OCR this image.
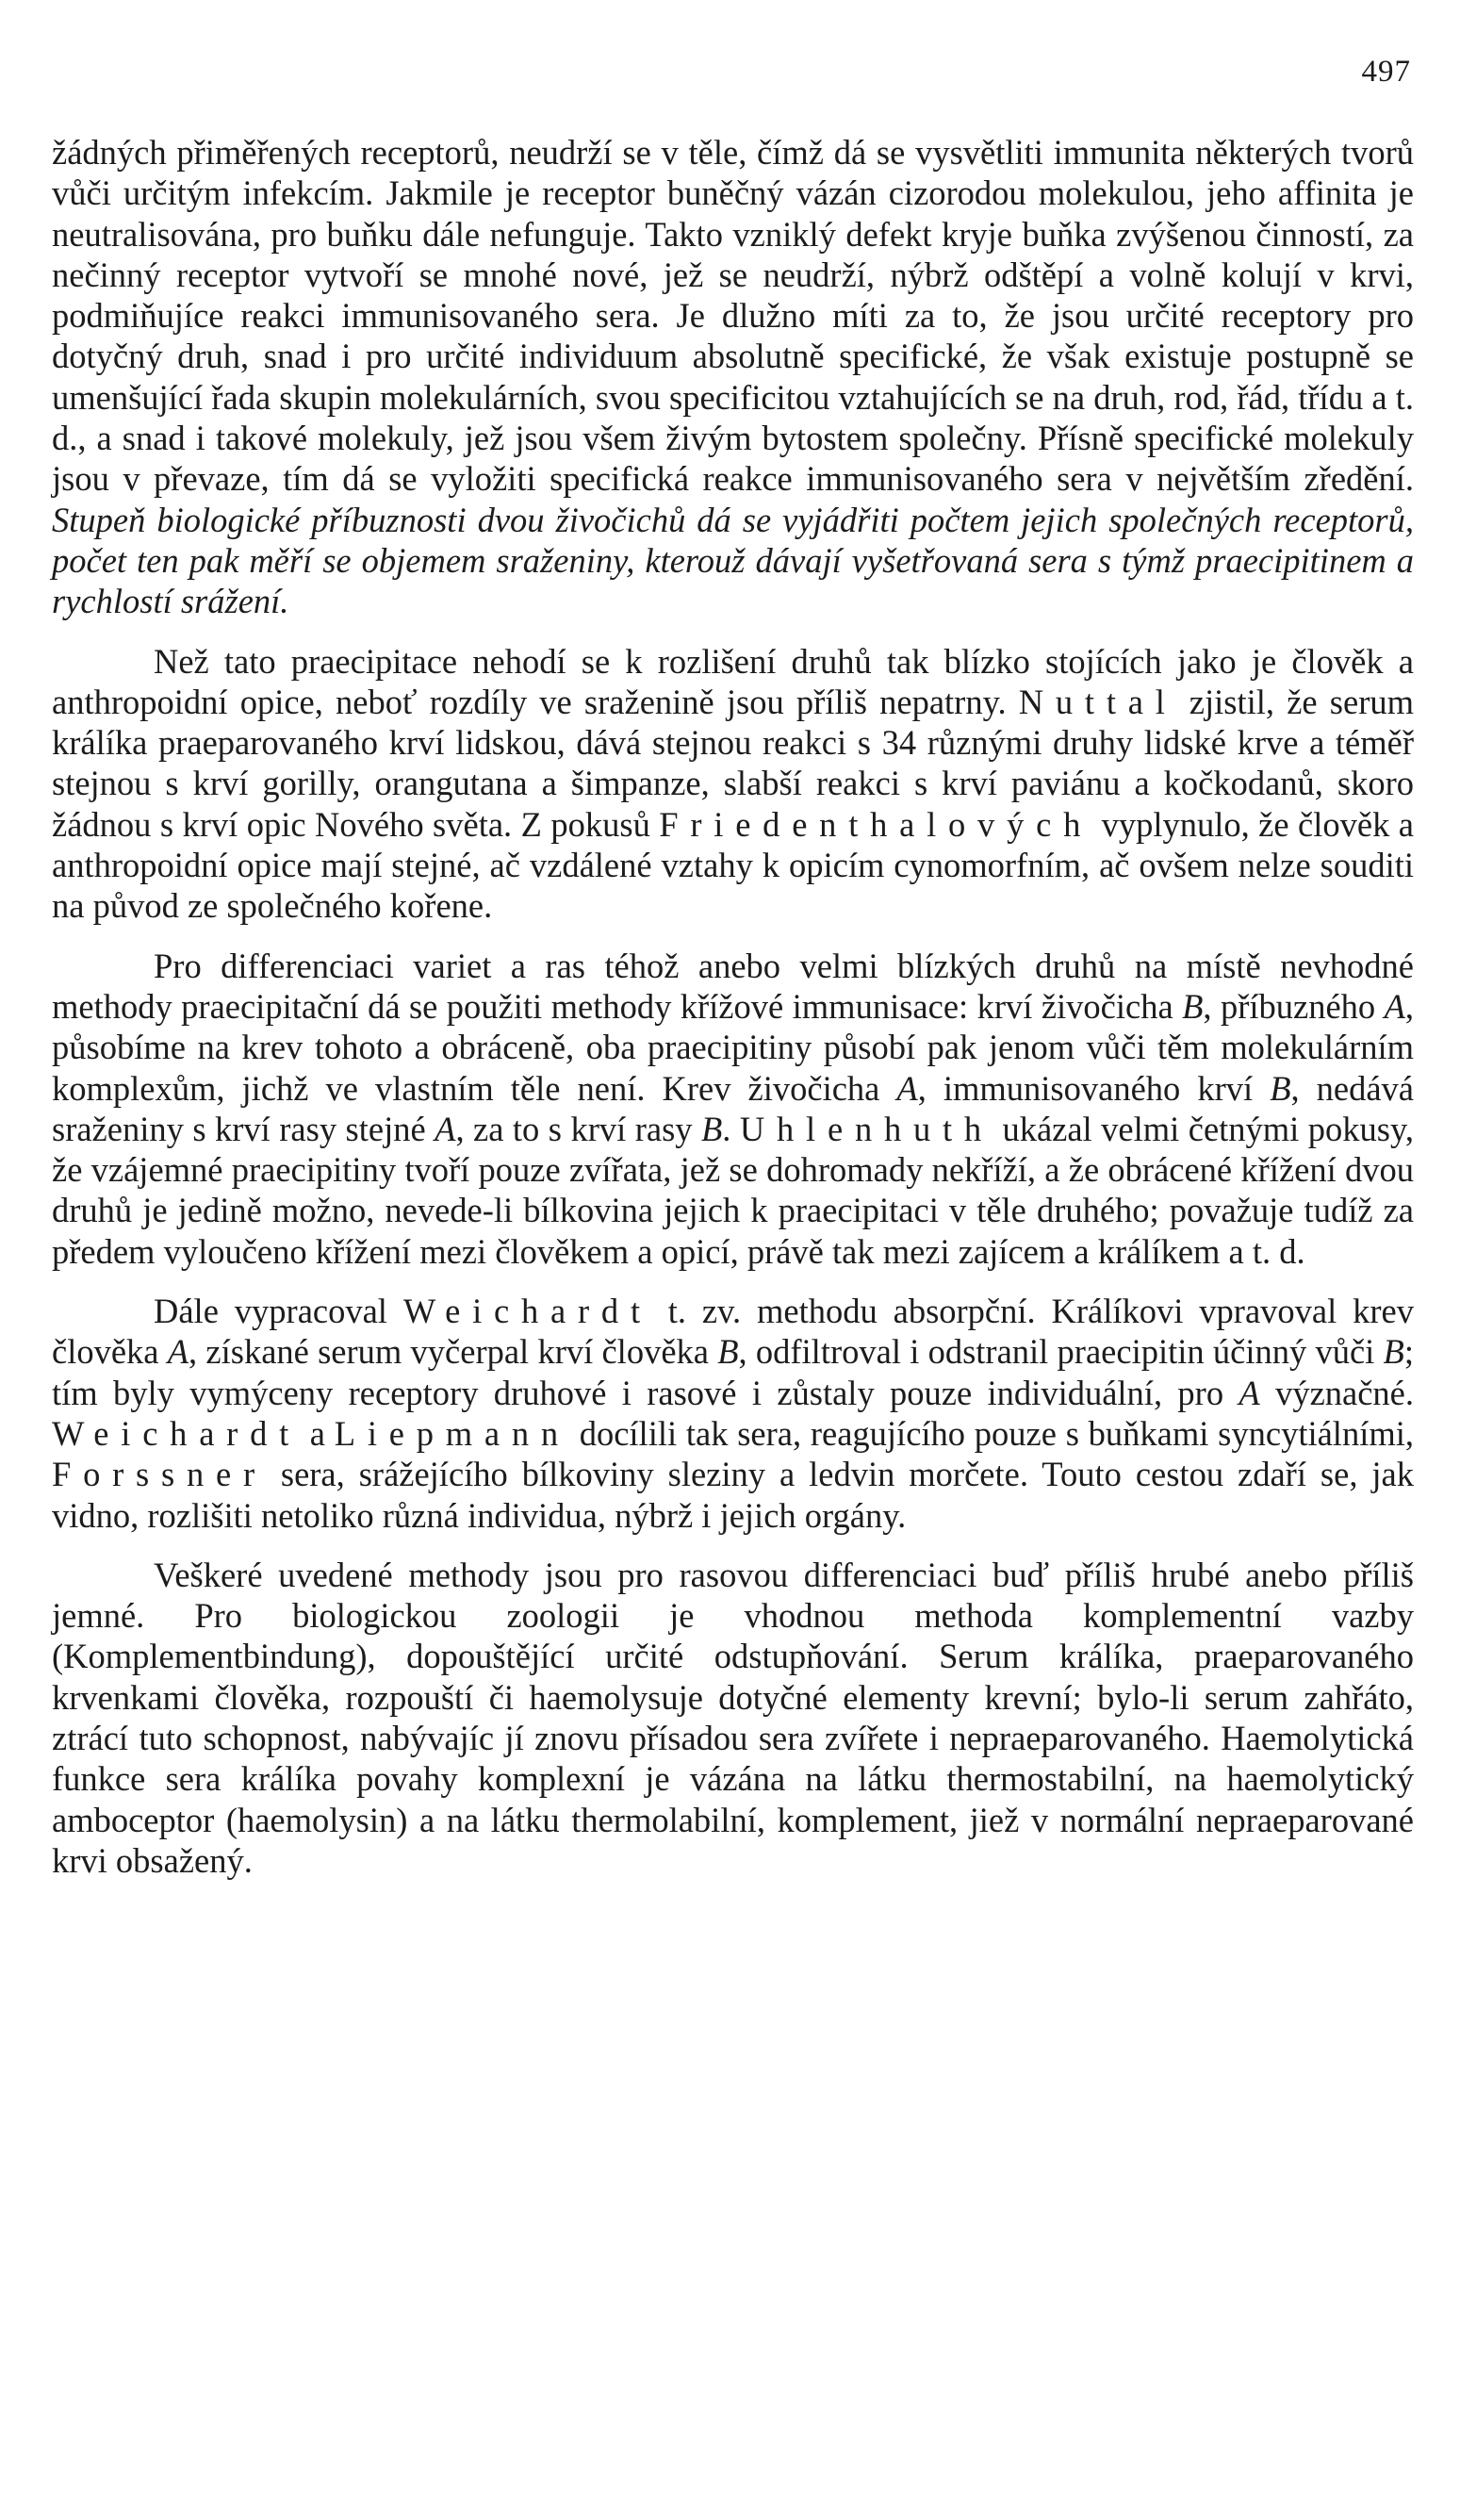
497

žádných přiměřených receptorů, neudrží se v těle, čímž dá se vysvětliti immunita některých tvorů vůči určitým infekcím. Jakmile je receptor buněčný vázán cizorodou molekulou, jeho affinita je neutralisována, pro buňku dále nefunguje. Takto vzniklý defekt kryje buňka zvýšenou činností, za nečinný receptor vytvoří se mnohé nové, jež se neudrží, nýbrž odštěpí a volně kolují v krvi, podmiňujíce reakci immunisovaného sera. Je dlužno míti za to, že jsou určité receptory pro dotyčný druh, snad i pro určité individuum absolutně specifické, že však existuje postupně se umenšující řada skupin molekulárních, svou specificitou vztahujících se na druh, rod, řád, třídu a t. d., a snad i takové molekuly, jež jsou všem živým bytostem společny. Přísně specifické molekuly jsou v převaze, tím dá se vyložiti specifická reakce immunisovaného sera v největším zředění. Stupeň biologické příbuznosti dvou živočichů dá se vyjádřiti počtem jejich společných receptorů, počet ten pak měří se objemem sraženiny, kterouž dávají vyšetřovaná sera s týmž praecipitinem a rychlostí srážení.

Než tato praecipitace nehodí se k rozlišení druhů tak blízko stojících jako je člověk a anthropoidní opice, neboť rozdíly ve sraženině jsou příliš nepatrny. Nuttal zjistil, že serum králíka praeparovaného krví lidskou, dává stejnou reakci s 34 různými druhy lidské krve a téměř stejnou s krví gorilly, orangutana a šimpanze, slabší reakci s krví paviánu a kočkodanů, skoro žádnou s krví opic Nového světa. Z pokusů Friedenthalových vyplynulo, že člověk a anthropoidní opice mají stejné, ač vzdálené vztahy k opicím cynomorfním, ač ovšem nelze souditi na původ ze společného kořene.

Pro differenciaci variet a ras téhož anebo velmi blízkých druhů na místě nevhodné methody praecipitační dá se použiti methody křížové immunisace: krví živočicha B, příbuzného A, působíme na krev tohoto a obráceně, oba praecipitiny působí pak jenom vůči těm molekulárním komplexům, jichž ve vlastním těle není. Krev živočicha A, immunisovaného krví B, nedává sraženiny s krví rasy stejné A, za to s krví rasy B. Uhlenhuth ukázal velmi četnými pokusy, že vzájemné praecipitiny tvoří pouze zvířata, jež se dohromady nekříží, a že obrácené křížení dvou druhů je jedině možno, nevede-li bílkovina jejich k praecipitaci v těle druhého; považuje tudíž za předem vyloučeno křížení mezi člověkem a opicí, právě tak mezi zajícem a králíkem a t. d.

Dále vypracoval Weichardt t. zv. methodu absorpční. Králíkovi vpravoval krev člověka A, získané serum vyčerpal krví člověka B, odfiltroval i odstranil praecipitin účinný vůči B; tím byly vymýceny receptory druhové i rasové i zůstaly pouze individuální, pro A význačné. Weichardt a Liepmann docílili tak sera, reagujícího pouze s buňkami syncytiálními, Forssner sera, srážejícího bílkoviny sleziny a ledvin morčete. Touto cestou zdaří se, jak vidno, rozlišiti netoliko různá individua, nýbrž i jejich orgány.

Veškeré uvedené methody jsou pro rasovou differenciaci buď příliš hrubé anebo příliš jemné. Pro biologickou zoologii je vhodnou methoda komplementní vazby (Komplementbindung), dopouštějící určité odstupňování. Serum králíka, praeparovaného krvenkami člověka, rozpouští či haemolysuje dotyčné elementy krevní; bylo-li serum zahřáto, ztrácí tuto schopnost, nabývajíc jí znovu přísadou sera zvířete i nepraeparovaného. Haemolytická funkce sera králíka povahy komplexní je vázána na látku thermostabilní, na haemolytický amboceptor (haemolysin) a na látku thermolabilní, komplement, jiež v normální nepraeparované krvi obsažený.
